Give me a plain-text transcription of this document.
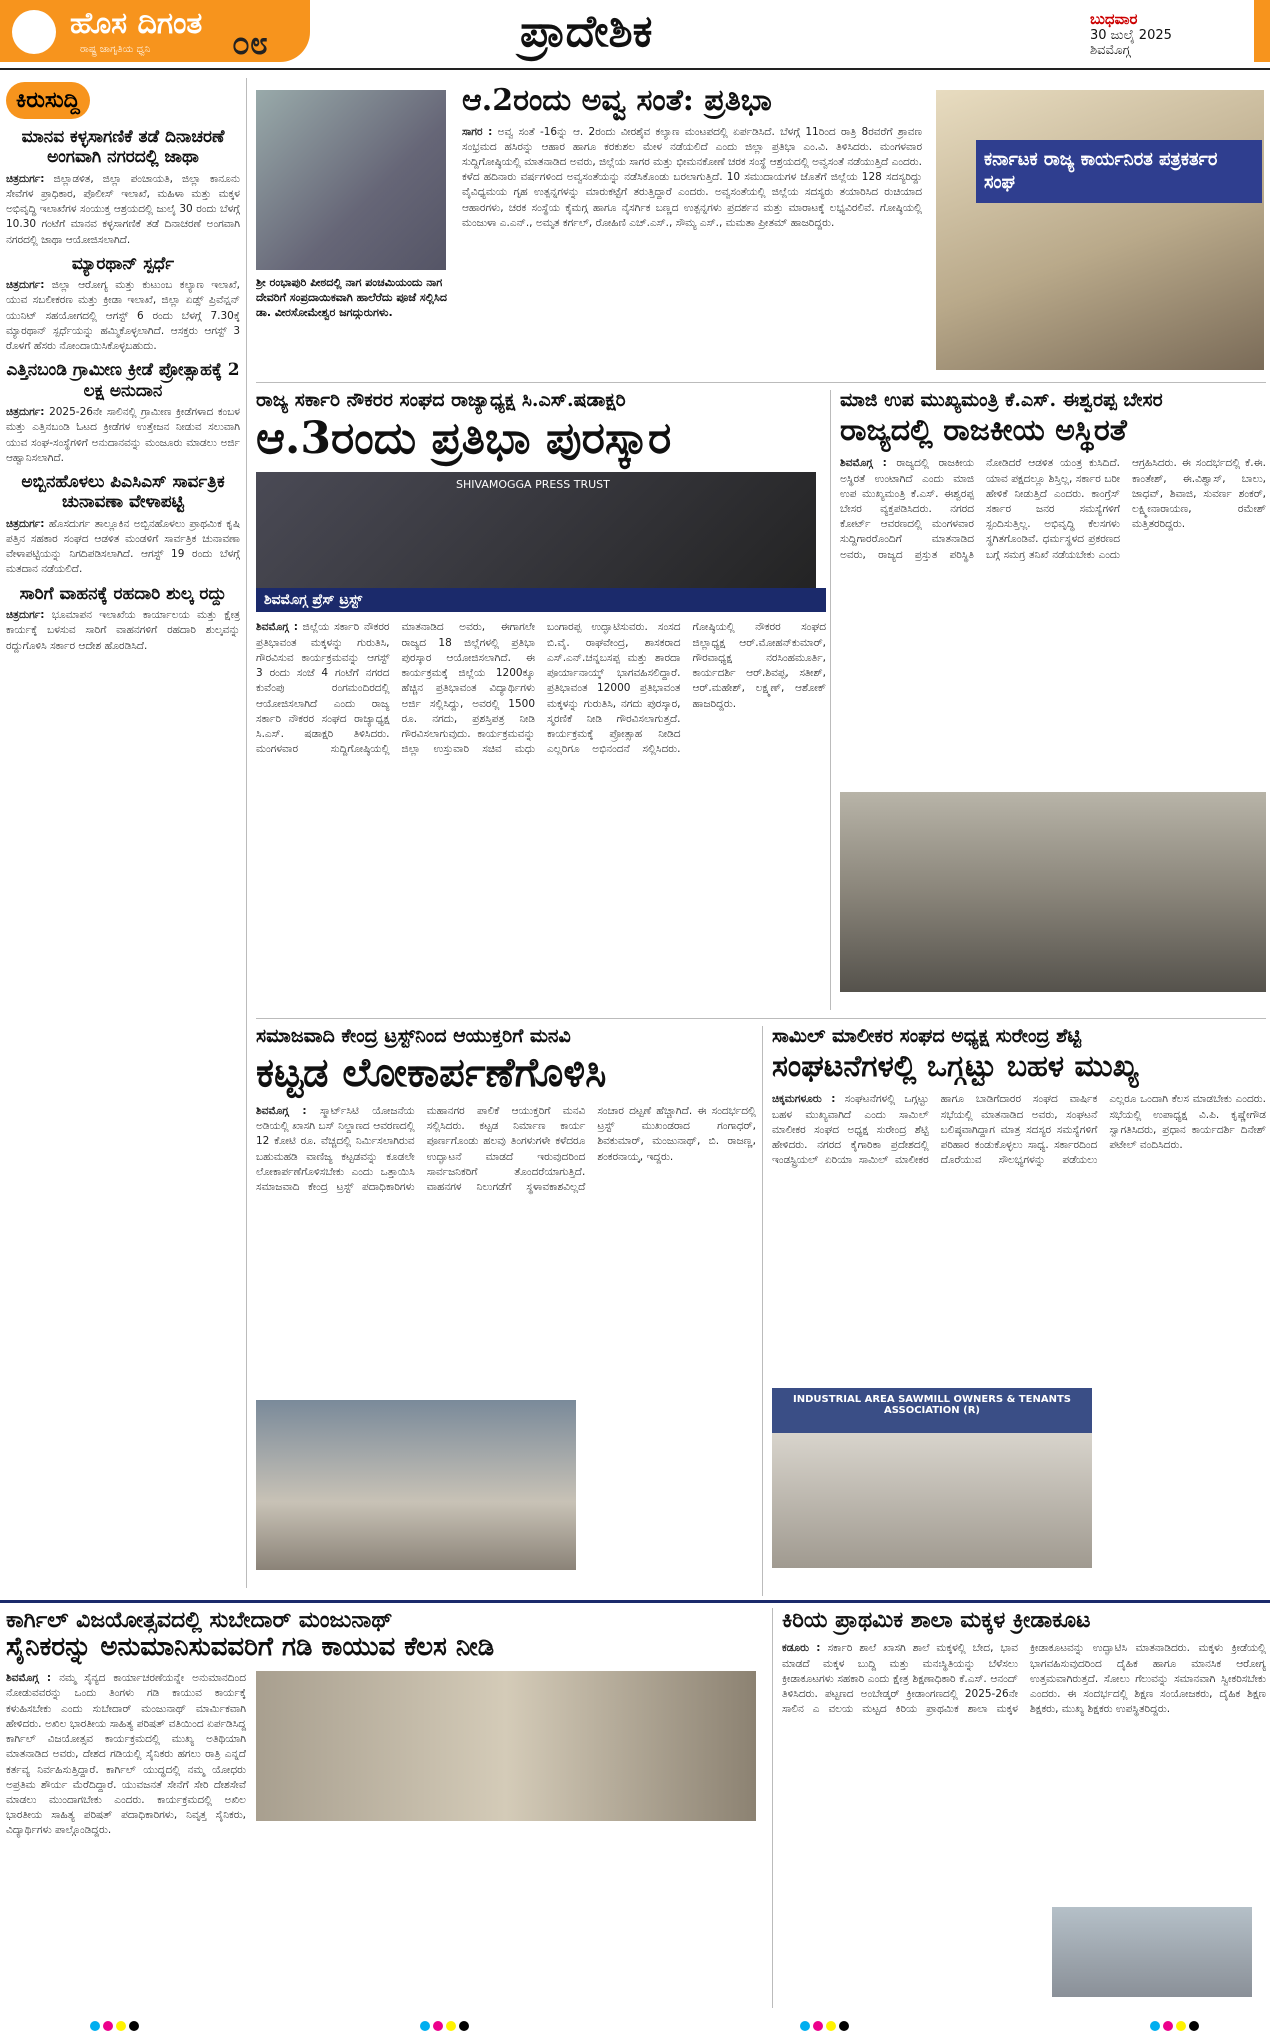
ಹೊಸ ದಿಗಂತ
ರಾಷ್ಟ್ರ ಜಾಗೃತಿಯ ಧ್ವನಿ	೦೮	ಪ್ರಾದೇಶಿಕ	ಬುಧವಾರ
30 ಜುಲೈ 2025
ಶಿವಮೊಗ್ಗ
ಕಿರುಸುದ್ದಿ
ಮಾನವ ಕಳ್ಳಸಾಗಣಿಕೆ ತಡೆ ದಿನಾಚರಣೆ ಅಂಗವಾಗಿ ನಗರದಲ್ಲಿ ಜಾಥಾ
ಚಿತ್ರದುರ್ಗ: ಜಿಲ್ಲಾಡಳಿತ, ಜಿಲ್ಲಾ ಪಂಚಾಯತಿ, ಜಿಲ್ಲಾ ಕಾನೂನು ಸೇವೆಗಳ ಪ್ರಾಧಿಕಾರ, ಪೊಲೀಸ್ ಇಲಾಖೆ, ಮಹಿಳಾ ಮತ್ತು ಮಕ್ಕಳ ಅಭಿವೃದ್ಧಿ ಇಲಾಖೆಗಳ ಸಂಯುಕ್ತ ಆಶ್ರಯದಲ್ಲಿ ಜುಲೈ 30 ರಂದು ಬೆಳಗ್ಗೆ 10.30 ಗಂಟೆಗೆ ಮಾನವ ಕಳ್ಳಸಾಗಣಿಕೆ ತಡೆ ದಿನಾಚರಣೆ ಅಂಗವಾಗಿ ನಗರದಲ್ಲಿ ಜಾಥಾ ಆಯೋಜಿಸಲಾಗಿದೆ.
ಮ್ಯಾರಥಾನ್ ಸ್ಪರ್ಧೆ
ಚಿತ್ರದುರ್ಗ: ಜಿಲ್ಲಾ ಆರೋಗ್ಯ ಮತ್ತು ಕುಟುಂಬ ಕಲ್ಯಾಣ ಇಲಾಖೆ, ಯುವ ಸಬಲೀಕರಣ ಮತ್ತು ಕ್ರೀಡಾ ಇಲಾಖೆ, ಜಿಲ್ಲಾ ಏಡ್ಸ್ ಪ್ರಿವೆನ್ಷನ್ ಯುನಿಟ್ ಸಹಯೋಗದಲ್ಲಿ ಆಗಸ್ಟ್ 6 ರಂದು ಬೆಳಗ್ಗೆ 7.30ಕ್ಕೆ ಮ್ಯಾರಥಾನ್ ಸ್ಪರ್ಧೆಯನ್ನು ಹಮ್ಮಿಕೊಳ್ಳಲಾಗಿದೆ. ಆಸಕ್ತರು ಆಗಸ್ಟ್ 3 ರೊಳಗೆ ಹೆಸರು ನೋಂದಾಯಿಸಿಕೊಳ್ಳಬಹುದು.
ಎತ್ತಿನಬಂಡಿ ಗ್ರಾಮೀಣ ಕ್ರೀಡೆ ಪ್ರೋತ್ಸಾಹಕ್ಕೆ 2 ಲಕ್ಷ ಅನುದಾನ
ಚಿತ್ರದುರ್ಗ: 2025-26ನೇ ಸಾಲಿನಲ್ಲಿ ಗ್ರಾಮೀಣ ಕ್ರೀಡೆಗಳಾದ ಕಂಬಳ ಮತ್ತು ಎತ್ತಿನಬಂಡಿ ಓಟದ ಕ್ರೀಡೆಗಳ ಉತ್ತೇಜನ ನೀಡುವ ಸಲುವಾಗಿ ಯುವ ಸಂಘ-ಸಂಸ್ಥೆಗಳಿಗೆ ಅನುದಾನವನ್ನು ಮಂಜೂರು ಮಾಡಲು ಅರ್ಜಿ ಆಹ್ವಾನಿಸಲಾಗಿದೆ.
ಅಬ್ಬಿನಹೊಳಲು ಪಿಎಸಿಎಸ್ ಸಾರ್ವತ್ರಿಕ ಚುನಾವಣಾ ವೇಳಾಪಟ್ಟಿ
ಚಿತ್ರದುರ್ಗ: ಹೊಸದುರ್ಗ ತಾಲ್ಲೂಕಿನ ಅಬ್ಬಿನಹೊಳಲು ಪ್ರಾಥಮಿಕ ಕೃಷಿ ಪತ್ತಿನ ಸಹಕಾರ ಸಂಘದ ಆಡಳಿತ ಮಂಡಳಿಗೆ ಸಾರ್ವತ್ರಿಕ ಚುನಾವಣಾ ವೇಳಾಪಟ್ಟಿಯನ್ನು ನಿಗದಿಪಡಿಸಲಾಗಿದೆ. ಆಗಸ್ಟ್ 19 ರಂದು ಬೆಳಗ್ಗೆ ಮತದಾನ ನಡೆಯಲಿದೆ.
ಸಾರಿಗೆ ವಾಹನಕ್ಕೆ ರಹದಾರಿ ಶುಲ್ಕ ರದ್ದು
ಚಿತ್ರದುರ್ಗ: ಭೂಮಾಪನ ಇಲಾಖೆಯ ಕಾರ್ಯಾಲಯ ಮತ್ತು ಕ್ಷೇತ್ರ ಕಾರ್ಯಕ್ಕೆ ಬಳಸುವ ಸಾರಿಗೆ ವಾಹನಗಳಿಗೆ ರಹದಾರಿ ಶುಲ್ಕವನ್ನು ರದ್ದುಗೊಳಿಸಿ ಸರ್ಕಾರ ಆದೇಶ ಹೊರಡಿಸಿದೆ.
ಶ್ರೀ ರಂಭಾಪುರಿ ಪೀಠದಲ್ಲಿ ನಾಗ ಪಂಚಮಿಯಂದು ನಾಗ ದೇವರಿಗೆ ಸಂಪ್ರದಾಯಿಕವಾಗಿ ಹಾಲೆರೆದು ಪೂಜೆ ಸಲ್ಲಿಸಿದ ಡಾ. ವೀರಸೋಮೇಶ್ವರ ಜಗದ್ಗುರುಗಳು.
ಆ.2ರಂದು ಅವ್ವ ಸಂತೆ: ಪ್ರತಿಭಾ
ಸಾಗರ : ಅವ್ವ ಸಂತೆ -16ನ್ನು ಆ. 2ರಂದು ವೀರಶೈವ ಕಲ್ಯಾಣ ಮಂಟಪದಲ್ಲಿ ಏರ್ಪಡಿಸಿದೆ. ಬೆಳಗ್ಗೆ 11ರಿಂದ ರಾತ್ರಿ 8ರವರೆಗೆ ಶ್ರಾವಣ ಸಂಭ್ರಮದ ಹಸಿರನ್ನು ಆಹಾರ ಹಾಗೂ ಕರಕುಶಲ ಮೇಳ ನಡೆಯಲಿದೆ ಎಂದು ಜಿಲ್ಲಾ ಪ್ರತಿಭಾ ಎಂ.ವಿ. ತಿಳಿಸಿದರು. ಮಂಗಳವಾರ ಸುದ್ದಿಗೋಷ್ಠಿಯಲ್ಲಿ ಮಾತನಾಡಿದ ಅವರು, ಜಿಲ್ಲೆಯ ಸಾಗರ ಮತ್ತು ಭೀಮನಕೋಣೆ ಚರಕ ಸಂಸ್ಥೆ ಆಶ್ರಯದಲ್ಲಿ ಅವ್ವಸಂತೆ ನಡೆಯುತ್ತಿದೆ ಎಂದರು. ಕಳೆದ ಹದಿನಾರು ವರ್ಷಗಳಿಂದ ಅವ್ವಸಂತೆಯನ್ನು ನಡೆಸಿಕೊಂಡು ಬರಲಾಗುತ್ತಿದೆ. 10 ಸಮುದಾಯಗಳ ಜೊತೆಗೆ ಜಿಲ್ಲೆಯ 128 ಸದಸ್ಯರಿದ್ದು ವೈವಿಧ್ಯಮಯ ಗೃಹ ಉತ್ಪನ್ನಗಳನ್ನು ಮಾರುಕಟ್ಟೆಗೆ ತರುತ್ತಿದ್ದಾರೆ ಎಂದರು. ಅವ್ವಸಂತೆಯಲ್ಲಿ ಜಿಲ್ಲೆಯ ಸದಸ್ಯರು ತಯಾರಿಸಿದ ರುಚಿಯಾದ ಆಹಾರಗಳು, ಚರಕ ಸಂಸ್ಥೆಯ ಕೈಮಗ್ಗ ಹಾಗೂ ನೈಸರ್ಗಿಕ ಬಣ್ಣದ ಉತ್ಪನ್ನಗಳು ಪ್ರದರ್ಶನ ಮತ್ತು ಮಾರಾಟಕ್ಕೆ ಲಭ್ಯವಿರಲಿವೆ. ಗೋಷ್ಠಿಯಲ್ಲಿ ಮಂಜುಳಾ ಎ.ಎನ್., ಅಮೃತ ಕರ್ಗಲ್, ರೋಹಿಣಿ ಎಚ್.ಎಸ್., ಸೌಮ್ಯ ಎಸ್., ಮಮತಾ ಪ್ರೀತಮ್ ಹಾಜರಿದ್ದರು.
ಕರ್ನಾಟಕ ರಾಜ್ಯ ಕಾರ್ಯನಿರತ ಪತ್ರಕರ್ತರ ಸಂಘ
ರಾಜ್ಯ ಸರ್ಕಾರಿ ನೌಕರರ ಸಂಘದ ರಾಜ್ಯಾಧ್ಯಕ್ಷ ಸಿ.ಎಸ್.ಷಡಾಕ್ಷರಿ
ಆ.3ರಂದು ಪ್ರತಿಭಾ ಪುರಸ್ಕಾರ
SHIVAMOGGA PRESS TRUST
ಶಿವಮೊಗ್ಗ ಪ್ರೆಸ್ ಟ್ರಸ್ಟ್
ಶಿವಮೊಗ್ಗ : ಜಿಲ್ಲೆಯ ಸರ್ಕಾರಿ ನೌಕರರ ಪ್ರತಿಭಾವಂತ ಮಕ್ಕಳನ್ನು ಗುರುತಿಸಿ, ಗೌರವಿಸುವ ಕಾರ್ಯಕ್ರಮವನ್ನು ಆಗಸ್ಟ್ 3 ರಂದು ಸಂಜೆ 4 ಗಂಟೆಗೆ ನಗರದ ಕುವೆಂಪು ರಂಗಮಂದಿರದಲ್ಲಿ ಆಯೋಜಿಸಲಾಗಿದೆ ಎಂದು ರಾಜ್ಯ ಸರ್ಕಾರಿ ನೌಕರರ ಸಂಘದ ರಾಜ್ಯಾಧ್ಯಕ್ಷ ಸಿ.ಎಸ್. ಷಡಾಕ್ಷರಿ ತಿಳಿಸಿದರು. ಮಂಗಳವಾರ ಸುದ್ದಿಗೋಷ್ಠಿಯಲ್ಲಿ ಮಾತನಾಡಿದ ಅವರು, ಈಗಾಗಲೇ ರಾಜ್ಯದ 18 ಜಿಲ್ಲೆಗಳಲ್ಲಿ ಪ್ರತಿಭಾ ಪುರಸ್ಕಾರ ಆಯೋಜಿಸಲಾಗಿದೆ. ಈ ಕಾರ್ಯಕ್ರಮಕ್ಕೆ ಜಿಲ್ಲೆಯ 1200ಕ್ಕೂ ಹೆಚ್ಚಿನ ಪ್ರತಿಭಾವಂತ ವಿದ್ಯಾರ್ಥಿಗಳು ಅರ್ಜಿ ಸಲ್ಲಿಸಿದ್ದು, ಅವರಲ್ಲಿ 1500 ರೂ. ನಗದು, ಪ್ರಶಸ್ತಿಪತ್ರ ನೀಡಿ ಗೌರವಿಸಲಾಗುವುದು. ಕಾರ್ಯಕ್ರಮವನ್ನು ಜಿಲ್ಲಾ ಉಸ್ತುವಾರಿ ಸಚಿವ ಮಧು ಬಂಗಾರಪ್ಪ ಉದ್ಘಾಟಿಸುವರು. ಸಂಸದ ಬಿ.ವೈ. ರಾಘವೇಂದ್ರ, ಶಾಸಕರಾದ ಎಸ್.ಎನ್.ಚನ್ನಬಸಪ್ಪ ಮತ್ತು ಶಾರದಾ ಪೂರ್ಯಾನಾಯ್ಕ್ ಭಾಗವಹಿಸಲಿದ್ದಾರೆ. ಪ್ರತಿಭಾವಂತ 12000 ಪ್ರತಿಭಾವಂತ ಮಕ್ಕಳನ್ನು ಗುರುತಿಸಿ, ನಗದು ಪುರಸ್ಕಾರ, ಸ್ಮರಣಿಕೆ ನೀಡಿ ಗೌರವಿಸಲಾಗುತ್ತದೆ. ಕಾರ್ಯಕ್ರಮಕ್ಕೆ ಪ್ರೋತ್ಸಾಹ ನೀಡಿದ ಎಲ್ಲರಿಗೂ ಅಭಿನಂದನೆ ಸಲ್ಲಿಸಿದರು. ಗೋಷ್ಠಿಯಲ್ಲಿ ನೌಕರರ ಸಂಘದ ಜಿಲ್ಲಾಧ್ಯಕ್ಷ ಆರ್.ಮೋಹನ್‌ಕುಮಾರ್, ಗೌರವಾಧ್ಯಕ್ಷ ನರಸಿಂಹಮೂರ್ತಿ, ಕಾರ್ಯದರ್ಶಿ ಆರ್.ಶಿವಪ್ಪ, ಸತೀಶ್, ಆರ್.ಮಹೇಶ್, ಲಕ್ಷ್ಮಣ್, ಆಶೋಕ್ ಹಾಜರಿದ್ದರು.
ಮಾಜಿ ಉಪ ಮುಖ್ಯಮಂತ್ರಿ ಕೆ.ಎಸ್. ಈಶ್ವರಪ್ಪ ಬೇಸರ
ರಾಜ್ಯದಲ್ಲಿ ರಾಜಕೀಯ ಅಸ್ಥಿರತೆ
ಶಿವಮೊಗ್ಗ : ರಾಜ್ಯದಲ್ಲಿ ರಾಜಕೀಯ ಅಸ್ಥಿರತೆ ಉಂಟಾಗಿದೆ ಎಂದು ಮಾಜಿ ಉಪ ಮುಖ್ಯಮಂತ್ರಿ ಕೆ.ಎಸ್. ಈಶ್ವರಪ್ಪ ಬೇಸರ ವ್ಯಕ್ತಪಡಿಸಿದರು. ನಗರದ ಕೋರ್ಟ್ ಆವರಣದಲ್ಲಿ ಮಂಗಳವಾರ ಸುದ್ದಿಗಾರರೊಂದಿಗೆ ಮಾತನಾಡಿದ ಅವರು, ರಾಜ್ಯದ ಪ್ರಸ್ತುತ ಪರಿಸ್ಥಿತಿ ನೋಡಿದರೆ ಆಡಳಿತ ಯಂತ್ರ ಕುಸಿದಿದೆ. ಯಾವ ಪಕ್ಷದಲ್ಲೂ ಶಿಸ್ತಿಲ್ಲ, ಸರ್ಕಾರ ಬರೀ ಹೇಳಿಕೆ ನೀಡುತ್ತಿದೆ ಎಂದರು. ಕಾಂಗ್ರೆಸ್ ಸರ್ಕಾರ ಜನರ ಸಮಸ್ಯೆಗಳಿಗೆ ಸ್ಪಂದಿಸುತ್ತಿಲ್ಲ. ಅಭಿವೃದ್ಧಿ ಕೆಲಸಗಳು ಸ್ಥಗಿತಗೊಂಡಿವೆ. ಧರ್ಮಸ್ಥಳದ ಪ್ರಕರಣದ ಬಗ್ಗೆ ಸಮಗ್ರ ತನಿಖೆ ನಡೆಯಬೇಕು ಎಂದು ಆಗ್ರಹಿಸಿದರು. ಈ ಸಂದರ್ಭದಲ್ಲಿ ಕೆ.ಈ. ಕಾಂತೇಶ್, ಈ.ವಿಶ್ವಾಸ್, ಬಾಲು, ಜಾಧವ್, ಶಿವಾಜಿ, ಸುವರ್ಣ ಶಂಕರ್, ಲಕ್ಷ್ಮೀನಾರಾಯಣ, ರಮೇಶ್ ಮತ್ತಿತರರಿದ್ದರು.
ಸಮಾಜವಾದಿ ಕೇಂದ್ರ ಟ್ರಸ್ಟ್‌ನಿಂದ ಆಯುಕ್ತರಿಗೆ ಮನವಿ
ಕಟ್ಟಡ ಲೋಕಾರ್ಪಣೆಗೊಳಿಸಿ
ಶಿವಮೊಗ್ಗ : ಸ್ಮಾರ್ಟ್‌ಸಿಟಿ ಯೋಜನೆಯ ಅಡಿಯಲ್ಲಿ ಖಾಸಗಿ ಬಸ್ ನಿಲ್ದಾಣದ ಆವರಣದಲ್ಲಿ 12 ಕೋಟಿ ರೂ. ವೆಚ್ಚದಲ್ಲಿ ನಿರ್ಮಿಸಲಾಗಿರುವ ಬಹುಮಹಡಿ ವಾಣಿಜ್ಯ ಕಟ್ಟಡವನ್ನು ಕೂಡಲೇ ಲೋಕಾರ್ಪಣೆಗೊಳಿಸಬೇಕು ಎಂದು ಒತ್ತಾಯಿಸಿ ಸಮಾಜವಾದಿ ಕೇಂದ್ರ ಟ್ರಸ್ಟ್ ಪದಾಧಿಕಾರಿಗಳು ಮಹಾನಗರ ಪಾಲಿಕೆ ಆಯುಕ್ತರಿಗೆ ಮನವಿ ಸಲ್ಲಿಸಿದರು. ಕಟ್ಟಡ ನಿರ್ಮಾಣ ಕಾರ್ಯ ಪೂರ್ಣಗೊಂಡು ಹಲವು ತಿಂಗಳುಗಳೇ ಕಳೆದರೂ ಉದ್ಘಾಟನೆ ಮಾಡದೆ ಇರುವುದರಿಂದ ಸಾರ್ವಜನಿಕರಿಗೆ ತೊಂದರೆಯಾಗುತ್ತಿದೆ. ವಾಹನಗಳ ನಿಲುಗಡೆಗೆ ಸ್ಥಳಾವಕಾಶವಿಲ್ಲದೆ ಸಂಚಾರ ದಟ್ಟಣೆ ಹೆಚ್ಚಾಗಿದೆ. ಈ ಸಂದರ್ಭದಲ್ಲಿ ಟ್ರಸ್ಟ್ ಮುಖಂಡರಾದ ಗಂಗಾಧರ್, ಶಿವಕುಮಾರ್, ಮಂಜುನಾಥ್, ಬಿ. ರಾಜಣ್ಣ, ಶಂಕರನಾಯ್ಕ, ಇದ್ದರು.
ಸಾಮಿಲ್ ಮಾಲೀಕರ ಸಂಘದ ಅಧ್ಯಕ್ಷ ಸುರೇಂದ್ರ ಶೆಟ್ಟಿ
ಸಂಘಟನೆಗಳಲ್ಲಿ ಒಗ್ಗಟ್ಟು ಬಹಳ ಮುಖ್ಯ
ಚಿಕ್ಕಮಗಳೂರು : ಸಂಘಟನೆಗಳಲ್ಲಿ ಒಗ್ಗಟ್ಟು ಬಹಳ ಮುಖ್ಯವಾಗಿದೆ ಎಂದು ಸಾಮಿಲ್ ಮಾಲೀಕರ ಸಂಘದ ಅಧ್ಯಕ್ಷ ಸುರೇಂದ್ರ ಶೆಟ್ಟಿ ಹೇಳಿದರು. ನಗರದ ಕೈಗಾರಿಕಾ ಪ್ರದೇಶದಲ್ಲಿ ಇಂಡಸ್ಟ್ರಿಯಲ್ ಏರಿಯಾ ಸಾಮಿಲ್ ಮಾಲೀಕರ ಹಾಗೂ ಬಾಡಿಗೆದಾರರ ಸಂಘದ ವಾರ್ಷಿಕ ಸಭೆಯಲ್ಲಿ ಮಾತನಾಡಿದ ಅವರು, ಸಂಘಟನೆ ಬಲಿಷ್ಠವಾಗಿದ್ದಾಗ ಮಾತ್ರ ಸದಸ್ಯರ ಸಮಸ್ಯೆಗಳಿಗೆ ಪರಿಹಾರ ಕಂಡುಕೊಳ್ಳಲು ಸಾಧ್ಯ. ಸರ್ಕಾರದಿಂದ ದೊರೆಯುವ ಸೌಲಭ್ಯಗಳನ್ನು ಪಡೆಯಲು ಎಲ್ಲರೂ ಒಂದಾಗಿ ಕೆಲಸ ಮಾಡಬೇಕು ಎಂದರು. ಸಭೆಯಲ್ಲಿ ಉಪಾಧ್ಯಕ್ಷ ವಿ.ಪಿ. ಕೃಷ್ಣೇಗೌಡ ಸ್ವಾಗತಿಸಿದರು, ಪ್ರಧಾನ ಕಾರ್ಯದರ್ಶಿ ದಿನೇಶ್ ಪಟೇಲ್ ವಂದಿಸಿದರು.
INDUSTRIAL AREA SAWMILL OWNERS & TENANTS ASSOCIATION (R)
ಕಾರ್ಗಿಲ್ ವಿಜಯೋತ್ಸವದಲ್ಲಿ ಸುಬೇದಾರ್ ಮಂಜುನಾಥ್
ಸೈನಿಕರನ್ನು ಅನುಮಾನಿಸುವವರಿಗೆ ಗಡಿ ಕಾಯುವ ಕೆಲಸ ನೀಡಿ
ಶಿವಮೊಗ್ಗ : ನಮ್ಮ ಸೈನ್ಯದ ಕಾರ್ಯಾಚರಣೆಯನ್ನೇ ಅನುಮಾನದಿಂದ ನೋಡುವವರನ್ನು ಒಂದು ತಿಂಗಳು ಗಡಿ ಕಾಯುವ ಕಾರ್ಯಕ್ಕೆ ಕಳುಹಿಸಬೇಕು ಎಂದು ಸುಬೇದಾರ್ ಮಂಜುನಾಥ್ ಮಾರ್ಮಿಕವಾಗಿ ಹೇಳಿದರು. ಅಖಿಲ ಭಾರತೀಯ ಸಾಹಿತ್ಯ ಪರಿಷತ್ ವತಿಯಿಂದ ಏರ್ಪಡಿಸಿದ್ದ ಕಾರ್ಗಿಲ್ ವಿಜಯೋತ್ಸವ ಕಾರ್ಯಕ್ರಮದಲ್ಲಿ ಮುಖ್ಯ ಅತಿಥಿಯಾಗಿ ಮಾತನಾಡಿದ ಅವರು, ದೇಶದ ಗಡಿಯಲ್ಲಿ ಸೈನಿಕರು ಹಗಲು ರಾತ್ರಿ ಎನ್ನದೆ ಕರ್ತವ್ಯ ನಿರ್ವಹಿಸುತ್ತಿದ್ದಾರೆ. ಕಾರ್ಗಿಲ್ ಯುದ್ಧದಲ್ಲಿ ನಮ್ಮ ಯೋಧರು ಅಪ್ರತಿಮ ಶೌರ್ಯ ಮೆರೆದಿದ್ದಾರೆ. ಯುವಜನತೆ ಸೇನೆಗೆ ಸೇರಿ ದೇಶಸೇವೆ ಮಾಡಲು ಮುಂದಾಗಬೇಕು ಎಂದರು. ಕಾರ್ಯಕ್ರಮದಲ್ಲಿ ಅಖಿಲ ಭಾರತೀಯ ಸಾಹಿತ್ಯ ಪರಿಷತ್ ಪದಾಧಿಕಾರಿಗಳು, ನಿವೃತ್ತ ಸೈನಿಕರು, ವಿದ್ಯಾರ್ಥಿಗಳು ಪಾಲ್ಗೊಂಡಿದ್ದರು.
ಕಿರಿಯ ಪ್ರಾಥಮಿಕ ಶಾಲಾ ಮಕ್ಕಳ ಕ್ರೀಡಾಕೂಟ
ಕಡೂರು : ಸರ್ಕಾರಿ ಶಾಲೆ ಖಾಸಗಿ ಶಾಲೆ ಮಕ್ಕಳಲ್ಲಿ ಬೇದ, ಭಾವ ಮಾಡದೆ ಮಕ್ಕಳ ಬುದ್ದಿ ಮತ್ತು ಮನಃಸ್ಥಿತಿಯನ್ನು ಬೆಳೆಸಲು ಕ್ರೀಡಾಕೂಟಗಳು ಸಹಕಾರಿ ಎಂದು ಕ್ಷೇತ್ರ ಶಿಕ್ಷಣಾಧಿಕಾರಿ ಕೆ.ಎಸ್. ಆನಂದ್ ತಿಳಿಸಿದರು. ಪಟ್ಟಣದ ಅಂಬೇಡ್ಕರ್ ಕ್ರೀಡಾಂಗಣದಲ್ಲಿ 2025-26ನೇ ಸಾಲಿನ ಎ ವಲಯ ಮಟ್ಟದ ಕಿರಿಯ ಪ್ರಾಥಮಿಕ ಶಾಲಾ ಮಕ್ಕಳ ಕ್ರೀಡಾಕೂಟವನ್ನು ಉದ್ಘಾಟಿಸಿ ಮಾತನಾಡಿದರು. ಮಕ್ಕಳು ಕ್ರೀಡೆಯಲ್ಲಿ ಭಾಗವಹಿಸುವುದರಿಂದ ದೈಹಿಕ ಹಾಗೂ ಮಾನಸಿಕ ಆರೋಗ್ಯ ಉತ್ತಮವಾಗಿರುತ್ತದೆ. ಸೋಲು ಗೆಲುವನ್ನು ಸಮಾನವಾಗಿ ಸ್ವೀಕರಿಸಬೇಕು ಎಂದರು. ಈ ಸಂದರ್ಭದಲ್ಲಿ ಶಿಕ್ಷಣ ಸಂಯೋಜಕರು, ದೈಹಿಕ ಶಿಕ್ಷಣ ಶಿಕ್ಷಕರು, ಮುಖ್ಯ ಶಿಕ್ಷಕರು ಉಪಸ್ಥಿತರಿದ್ದರು.
